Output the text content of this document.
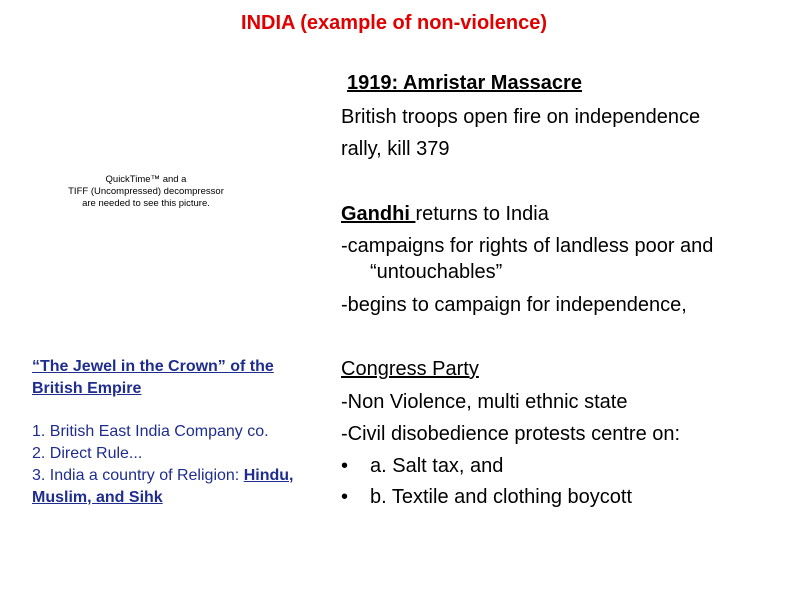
INDIA (example of non-violence)
QuickTime™ and a
TIFF (Uncompressed) decompressor
are needed to see this picture.
“The Jewel in the Crown” of the
British Empire
1. British East India Company co.
2. Direct Rule...
3. India a country of Religion: Hindu,
Muslim, and Sihk
1919: Amristar Massacre
British troops open fire on independence
rally, kill 379
Gandhi returns to India
-campaigns for rights of landless poor and
“untouchables”
-begins to campaign for independence,
Congress Party
-Non Violence, multi ethnic state
-Civil disobedience protests centre on:
• a. Salt tax, and
• b. Textile and clothing boycott
